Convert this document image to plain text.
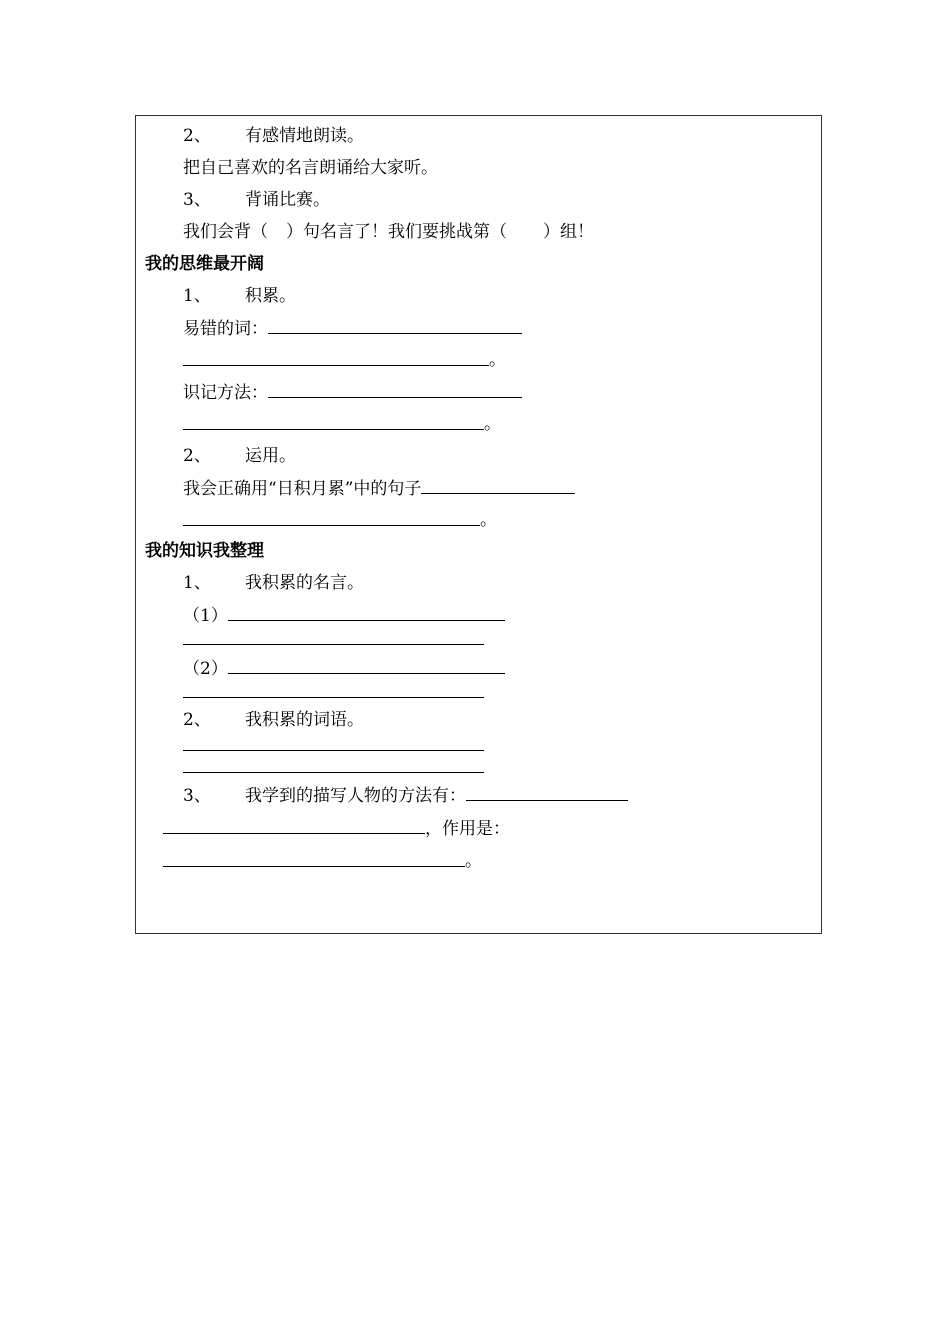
2、 有感情地朗读。
把自己喜欢的名言朗诵给大家听。
3、 背诵比赛。
我们会背（ ）句名言了！我们要挑战第（ ）组！
我的思维最开阔
1、 积累。
易错的词：
。
识记方法：
。
2、 运用。
我会正确用“日积月累”中的句子
。
我的知识我整理
1、 我积累的名言。
（1）
（2）
2、 我积累的词语。
3、 我学到的描写人物的方法有：
，作用是：
。
